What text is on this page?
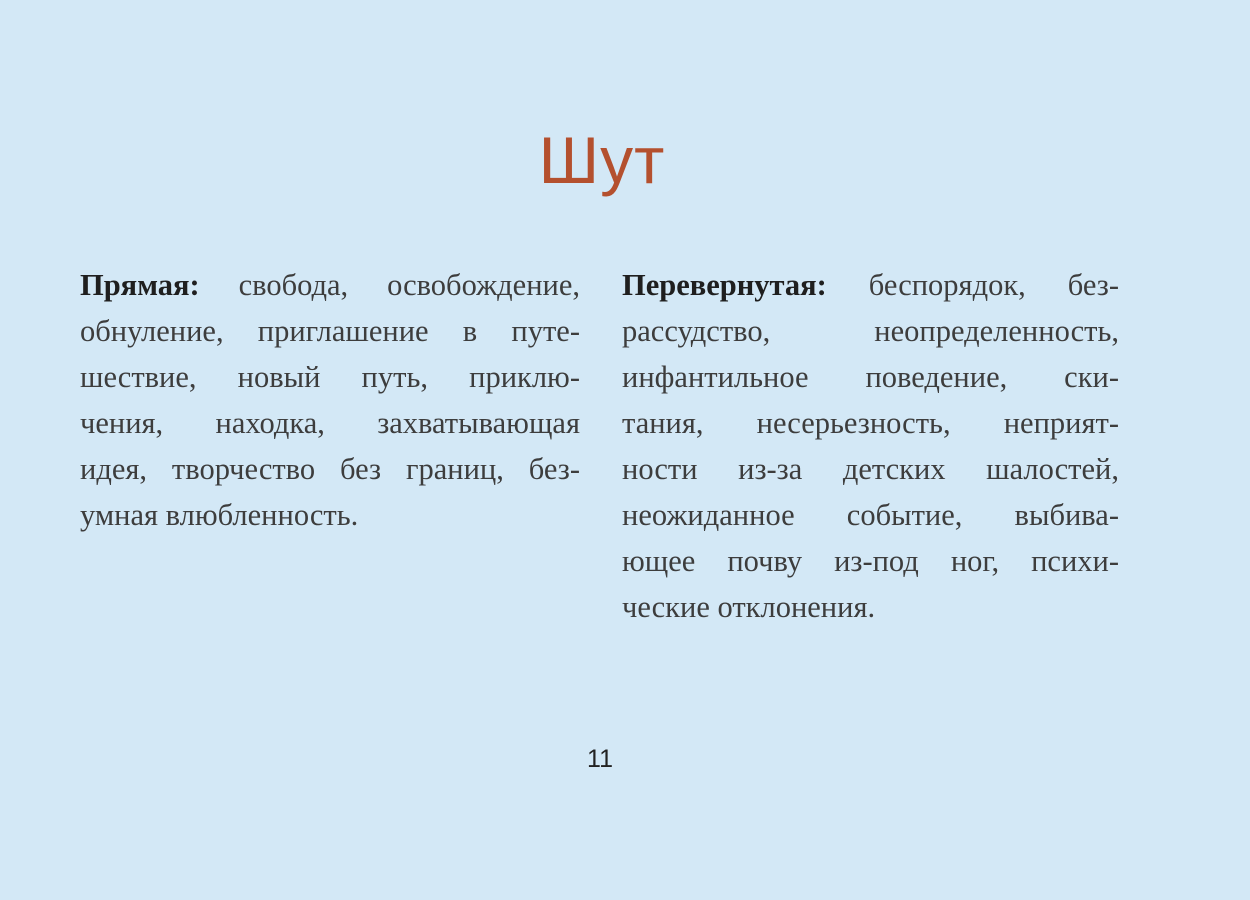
Шут

Прямая: свобода, освобождение,
обнуление, приглашение в путе-
шествие, новый путь, приклю-
чения, находка, захватывающая
идея, творчество без границ, без-
умная влюбленность.

Перевернутая: беспорядок, без-
рассудство, неопределенность,
инфантильное поведение, ски-
тания, несерьезность, неприят-
ности из-за детских шалостей,
неожиданное событие, выбива-
ющее почву из-под ног, психи-
ческие отклонения.

11
